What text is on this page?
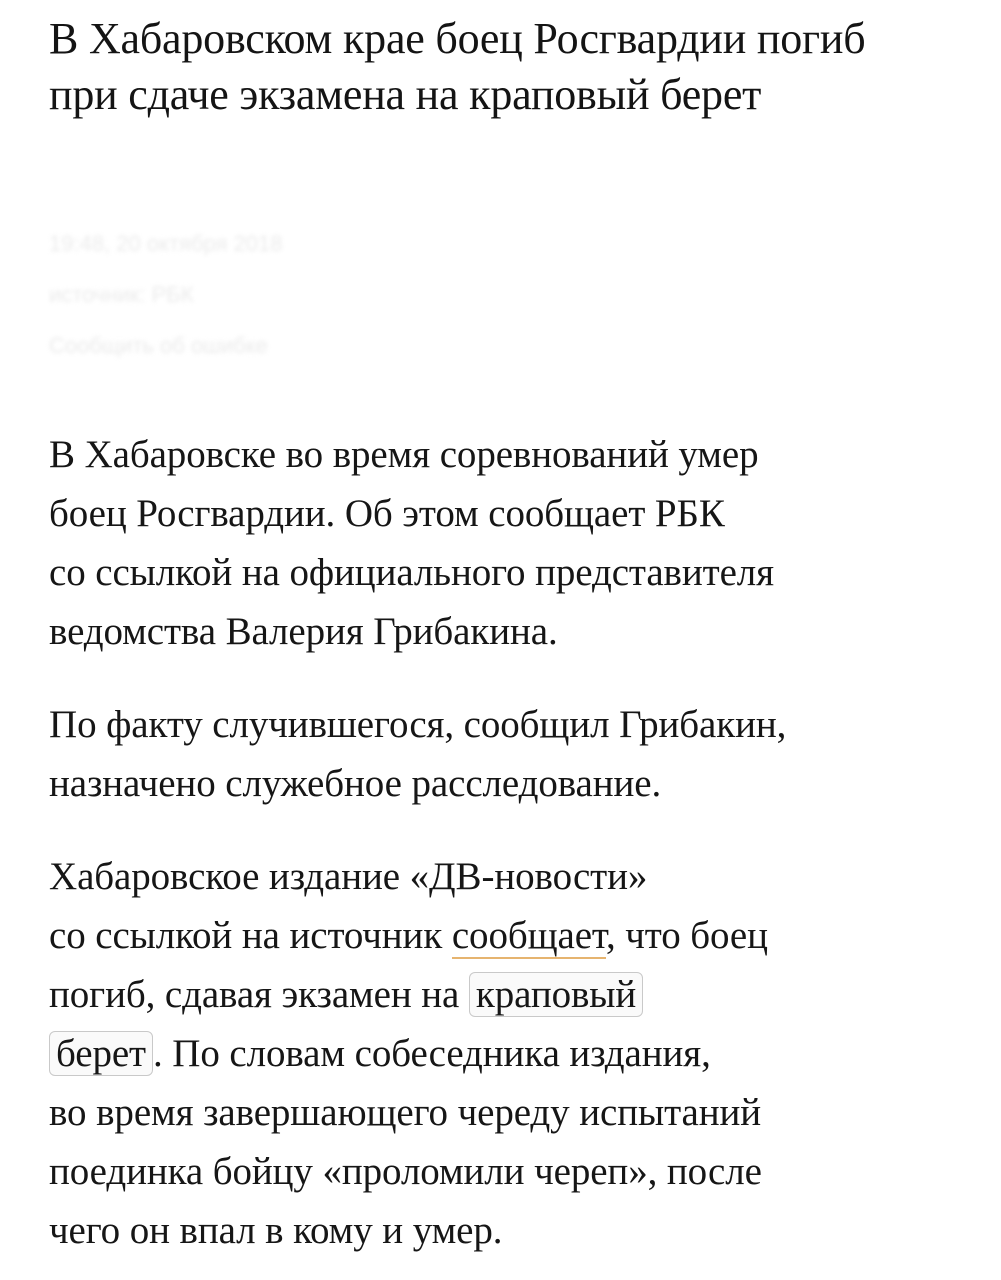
В Хабаровском крае боец Росгвардии погиб при сдаче экзамена на краповый берет
19:48, 20 октября 2018
источник: РБК
Сообщить об ошибке

В Хабаровске во время соревнований умер
боец Росгвардии. Об этом сообщает РБК
со ссылкой на официального представителя
ведомства Валерия Грибакина.

По факту случившегося, сообщил Грибакин,
назначено служебное расследование.

Хабаровское издание «ДВ-новости»
со ссылкой на источник сообщает, что боец
погиб, сдавая экзамен на краповый
берет . По словам собеседника издания,
во время завершающего череду испытаний
поединка бойцу «проломили череп», после
чего он впал в кому и умер.
